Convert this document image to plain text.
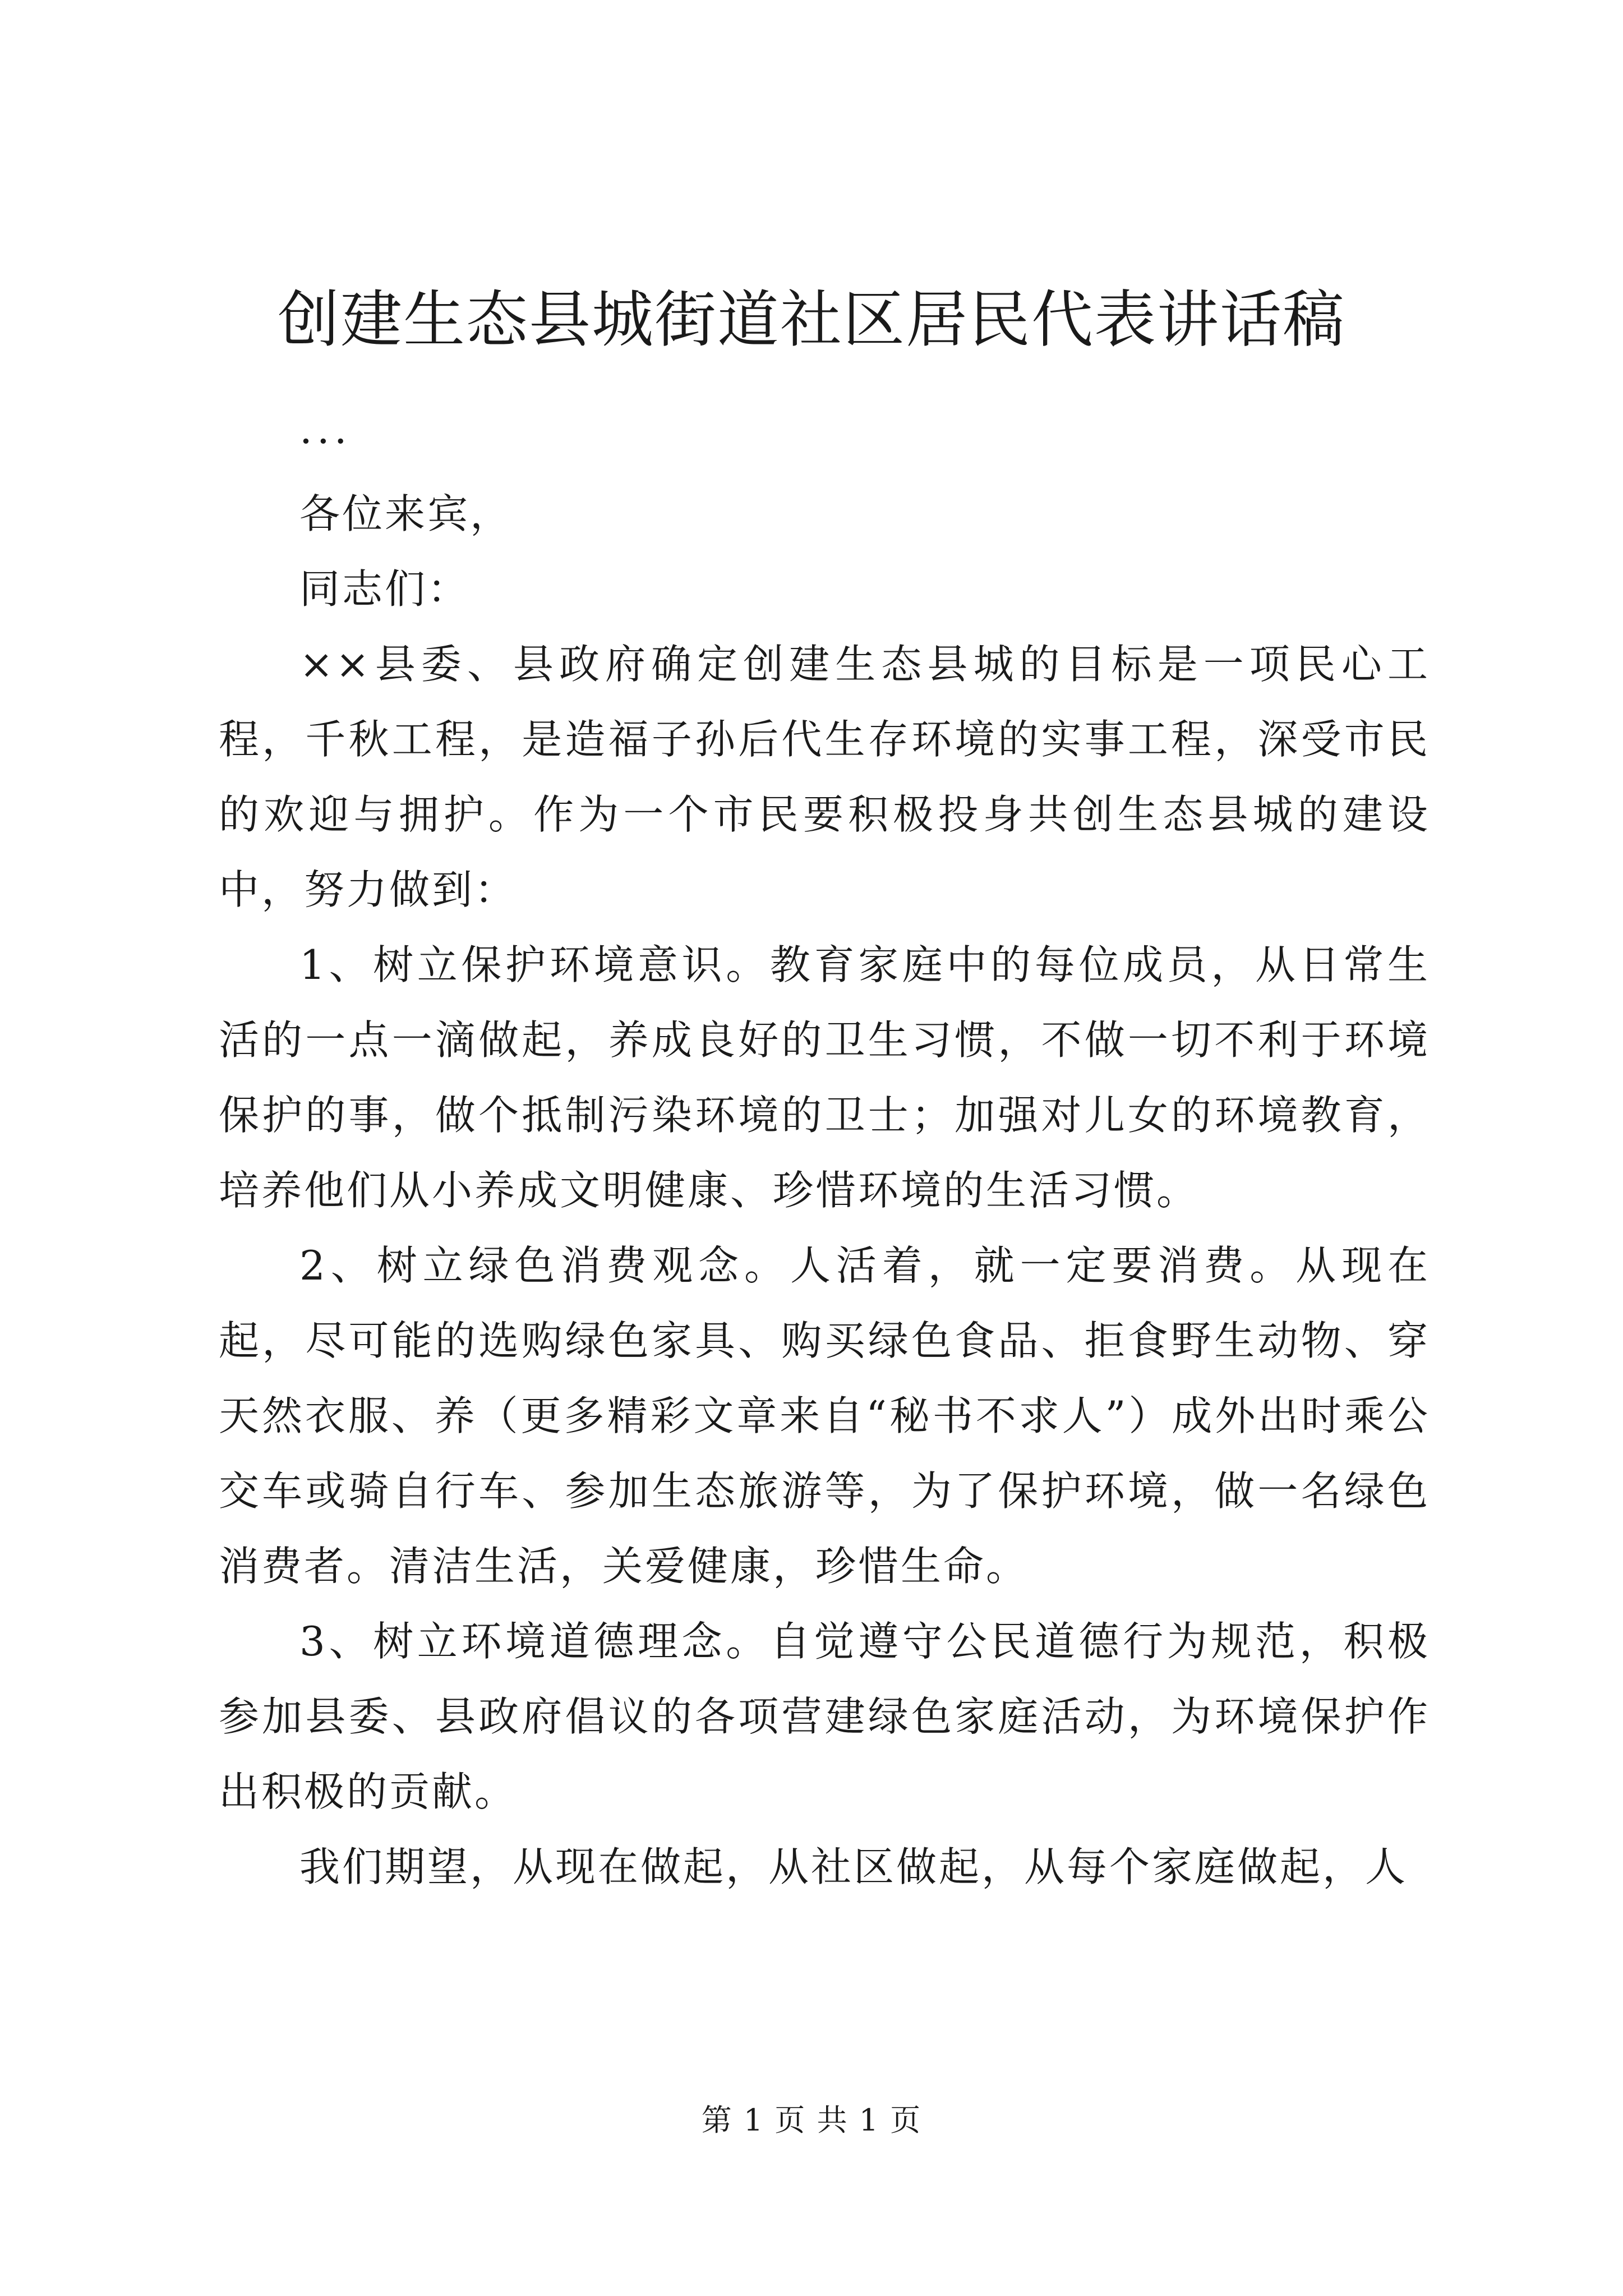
创建生态县城街道社区居民代表讲话稿

...

各位来宾，

同志们：

××县委、县政府确定创建生态县城的目标是一项民心工程，千秋工程，是造福子孙后代生存环境的实事工程，深受市民的欢迎与拥护。作为一个市民要积极投身共创生态县城的建设中，努力做到：

1、树立保护环境意识。教育家庭中的每位成员，从日常生活的一点一滴做起，养成良好的卫生习惯，不做一切不利于环境保护的事，做个抵制污染环境的卫士；加强对儿女的环境教育，培养他们从小养成文明健康、珍惜环境的生活习惯。

2、树立绿色消费观念。人活着，就一定要消费。从现在起，尽可能的选购绿色家具、购买绿色食品、拒食野生动物、穿天然衣服、养（更多精彩文章来自“秘书不求人”）成外出时乘公交车或骑自行车、参加生态旅游等，为了保护环境，做一名绿色消费者。清洁生活，关爱健康，珍惜生命。

3、树立环境道德理念。自觉遵守公民道德行为规范，积极参加县委、县政府倡议的各项营建绿色家庭活动，为环境保护作出积极的贡献。

我们期望，从现在做起，从社区做起，从每个家庭做起，人

第 1 页 共 1 页
